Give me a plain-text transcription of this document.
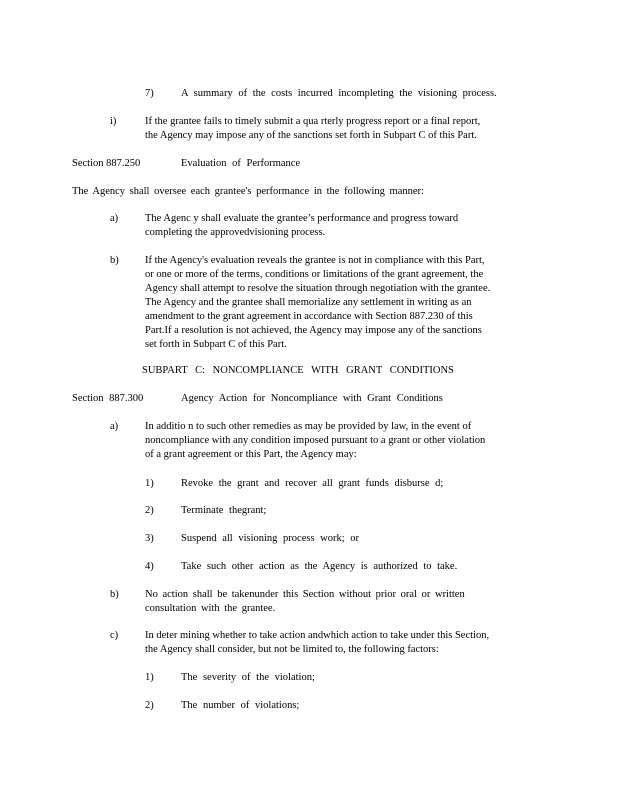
7)	A summary of the costs incurred incompleting the visioning process.
i)	If the grantee fails to timely submit a qua rterly progress report or a final report,
the Agency may impose any of the sanctions set forth in Subpart C of this Part.
Section 887.250	Evaluation of Performance
The Agency shall oversee each grantee's performance in the following manner:
a)	The Agenc y shall evaluate the grantee’s performance and progress toward
completing the approvedvisioning process.
b)	If the Agency's evaluation reveals the grantee is not in compliance with this Part,
or one or more of the terms, conditions or limitations of the grant agreement, the
Agency shall attempt to resolve the situation through negotiation with the grantee.
The Agency and the grantee shall memorialize any settlement in writing as an
amendment to the grant agreement in accordance with Section 887.230 of this
Part.If a resolution is not achieved, the Agency may impose any of the sanctions
set forth in Subpart C of this Part.
SUBPART C: NONCOMPLIANCE WITH GRANT CONDITIONS
Section 887.300	Agency Action for Noncompliance with Grant Conditions
a)	In additio n to such other remedies as may be provided by law, in the event of
noncompliance with any condition imposed pursuant to a grant or other violation
of a grant agreement or this Part, the Agency may:
1)	Revoke the grant and recover all grant funds disburse d;
2)	Terminate thegrant;
3)	Suspend all visioning process work; or
4)	Take such other action as the Agency is authorized to take.
b)	No action shall be takenunder this Section without prior oral or written
consultation with the grantee.
c)	In deter mining whether to take action andwhich action to take under this Section,
the Agency shall consider, but not be limited to, the following factors:
1)	The severity of the violation;
2)	The number of violations;
